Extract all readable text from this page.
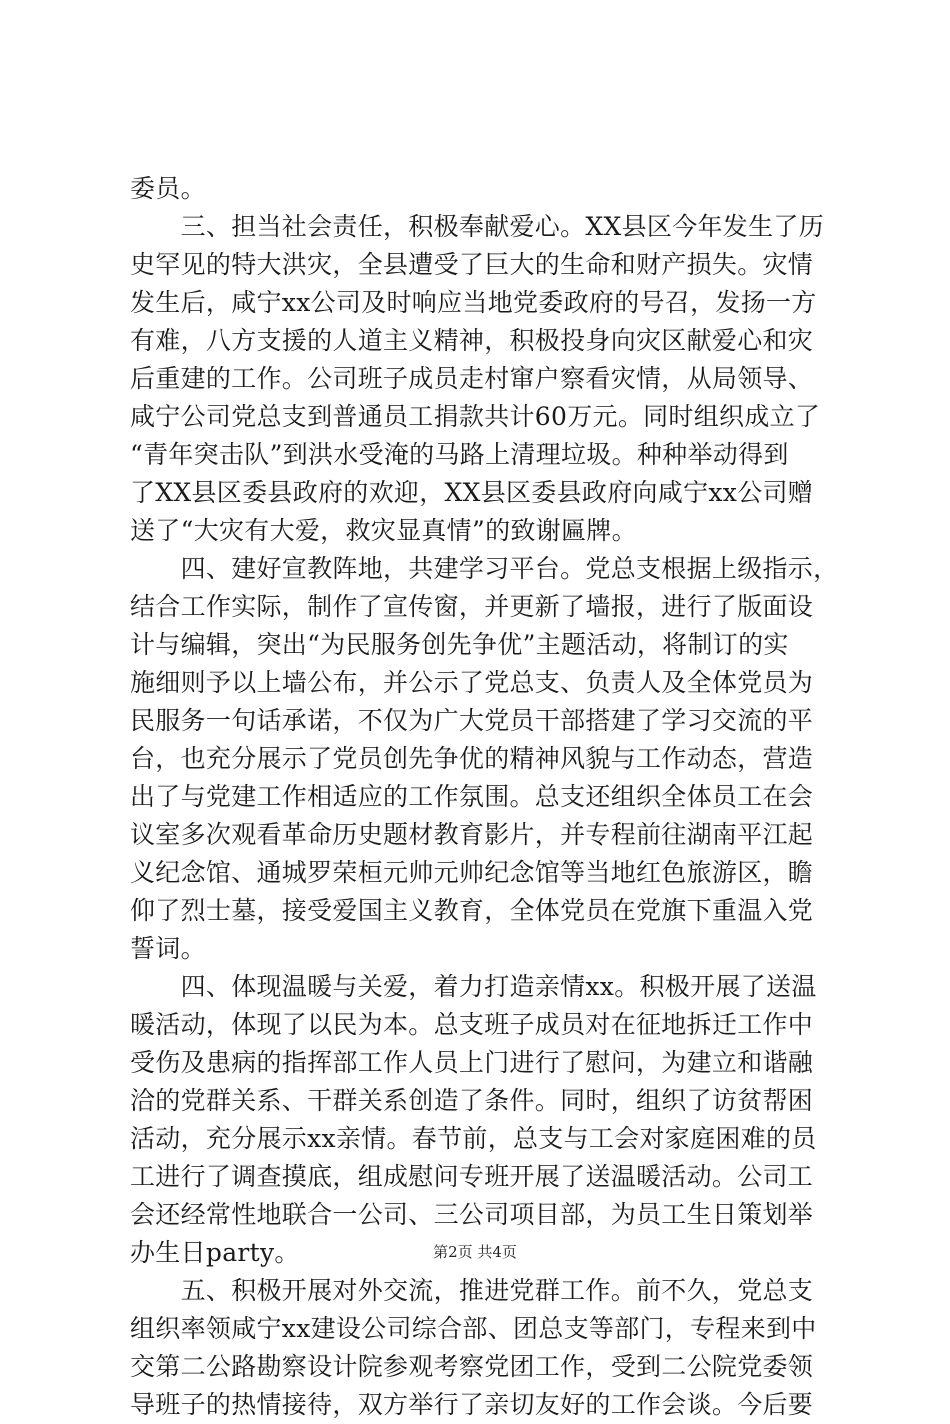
委员。
　　三、担当社会责任，积极奉献爱心。XX县区今年发生了历
史罕见的特大洪灾，全县遭受了巨大的生命和财产损失。灾情
发生后，咸宁xx公司及时响应当地党委政府的号召，发扬一方
有难，八方支援的人道主义精神，积极投身向灾区献爱心和灾
后重建的工作。公司班子成员走村窜户察看灾情，从局领导、
咸宁公司党总支到普通员工捐款共计60万元。同时组织成立了
“青年突击队”到洪水受淹的马路上清理垃圾。种种举动得到
了XX县区委县政府的欢迎，XX县区委县政府向咸宁xx公司赠
送了“大灾有大爱，救灾显真情”的致谢匾牌。
　　四、建好宣教阵地，共建学习平台。党总支根据上级指示，
结合工作实际，制作了宣传窗，并更新了墙报，进行了版面设
计与编辑，突出“为民服务创先争优”主题活动，将制订的实
施细则予以上墙公布，并公示了党总支、负责人及全体党员为
民服务一句话承诺，不仅为广大党员干部搭建了学习交流的平
台，也充分展示了党员创先争优的精神风貌与工作动态，营造
出了与党建工作相适应的工作氛围。总支还组织全体员工在会
议室多次观看革命历史题材教育影片，并专程前往湖南平江起
义纪念馆、通城罗荣桓元帅元帅纪念馆等当地红色旅游区，瞻
仰了烈士墓，接受爱国主义教育，全体党员在党旗下重温入党
誓词。
　　四、体现温暖与关爱，着力打造亲情xx。积极开展了送温
暖活动，体现了以民为本。总支班子成员对在征地拆迁工作中
受伤及患病的指挥部工作人员上门进行了慰问，为建立和谐融
洽的党群关系、干群关系创造了条件。同时，组织了访贫帮困
活动，充分展示xx亲情。春节前，总支与工会对家庭困难的员
工进行了调查摸底，组成慰问专班开展了送温暖活动。公司工
会还经常性地联合一公司、三公司项目部，为员工生日策划举
办生日party。
　　五、积极开展对外交流，推进党群工作。前不久，党总支
组织率领咸宁xx建设公司综合部、团总支等部门，专程来到中
交第二公路勘察设计院参观考察党团工作，受到二公院党委领
导班子的热情接待，双方举行了亲切友好的工作会谈。今后要
第2页 共4页
